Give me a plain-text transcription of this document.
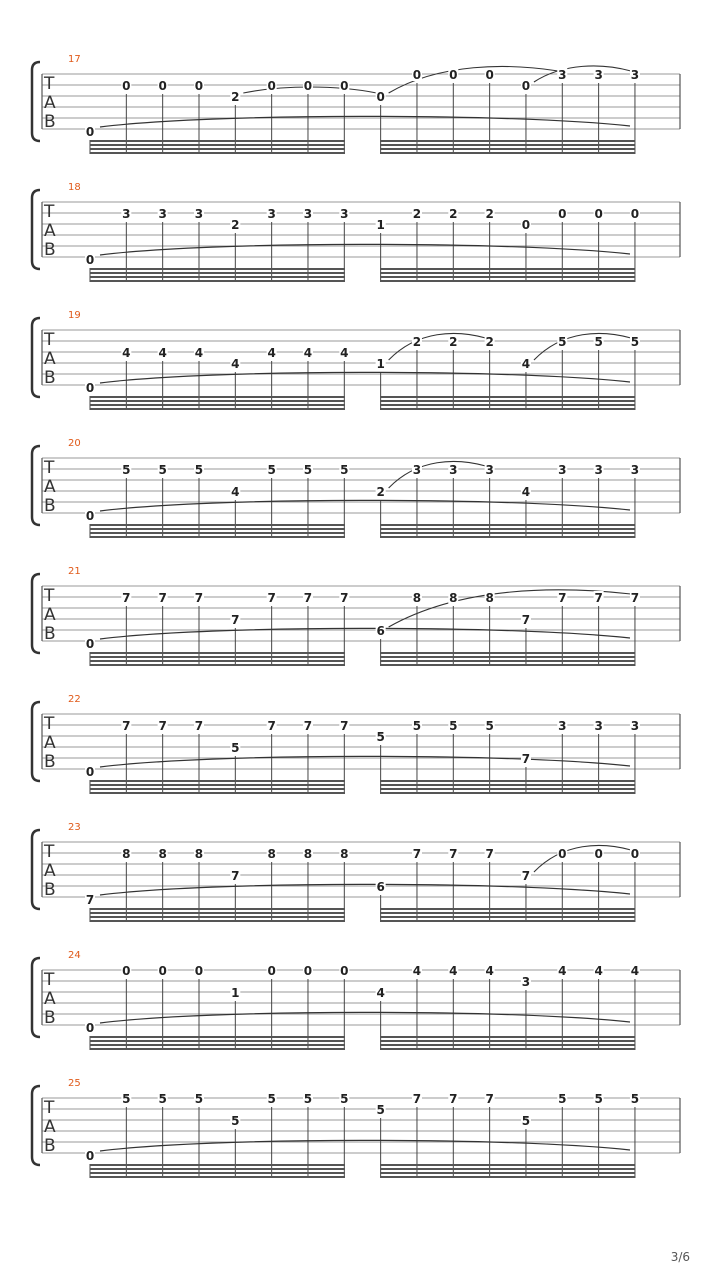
17
T
A
B	0
0 0 0
2
0 0 0
0
0 0 0
0
3 3 3
18
T
A
B	0
3 3 3
2
3 3 3
1
2 2 2
0
0 0 0
19
T
A
B	0
4 4 4
4
4 4 4
1
2 2 2
4
5 5 5
20
T
A
B	0
5 5 5
4
5 5 5
2
3 3 3
4
3 3 3
21
T
A
B	0
7 7 7
7
7 7 7
6
8 8 8
7
7 7 7
22
T
A
B	0
7 7 7
5
7 7 7
5
5 5 5
7
3 3 3
23
T
A
B	7
8 8 8
7
8 8 8
6
7 7 7
7
0 0 0
24
T
A
B	0
0 0 0
1
0 0 0
4
4 4 4
3
4 4 4
25
T
A
B	0
5 5 5
5
5 5 5
5
7 7 7
5
5 5 5
3/6
